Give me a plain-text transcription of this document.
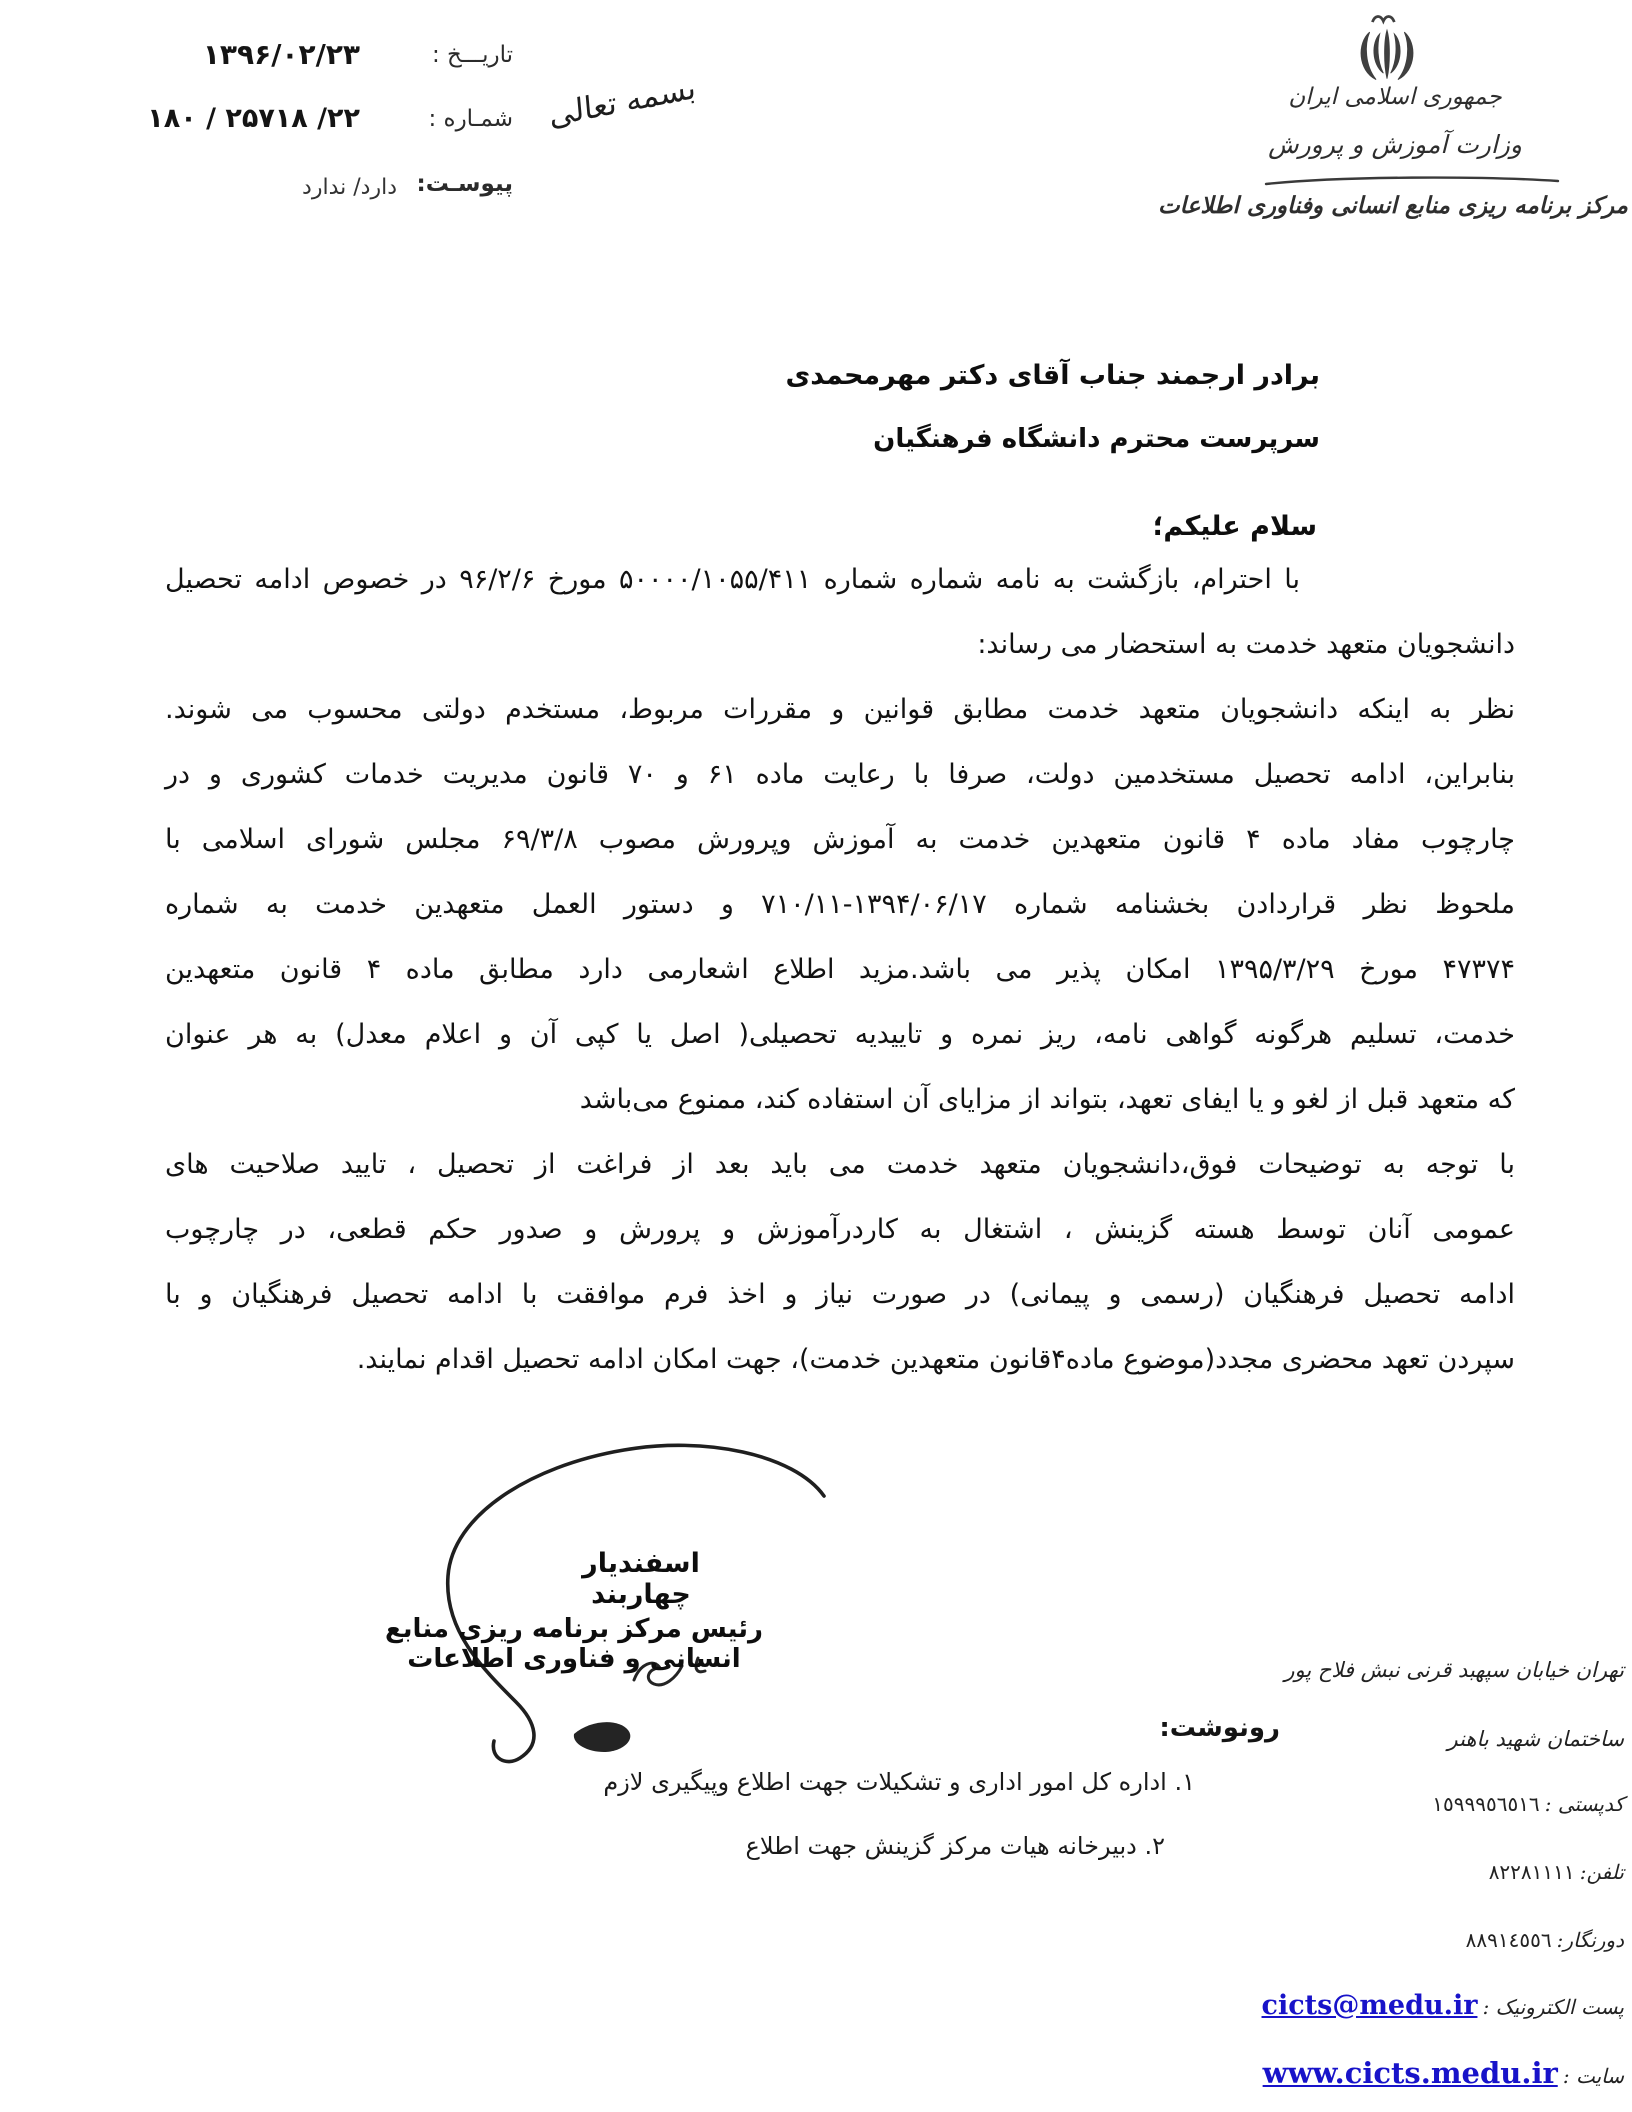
تاریـــخ :
۱۳۹۶/۰۲/۲۳
شمـاره :
۲۲/ ۲۵۷۱۸ / ۱۸۰
پیوسـت:
دارد/ ندارد
بسمه تعالی	جمهوری اسلامی ایران
وزارت آموزش و پرورش
مرکز برنامه ریزی منابع انسانی وفناوری اطلاعات
برادر ارجمند جناب آقای دکتر مهرمحمدی
سرپرست محترم دانشگاه فرهنگیان
سلام علیکم؛
با احترام، بازگشت به نامه شماره شماره ۵۰۰۰۰/۱۰۵۵/۴۱۱ مورخ ۹۶/۲/۶ در خصوص ادامه تحصیل
دانشجویان متعهد خدمت به استحضار می رساند:
نظر به اینکه دانشجویان متعهد خدمت مطابق قوانین و مقررات مربوط، مستخدم دولتی محسوب می شوند.
بنابراین، ادامه تحصیل مستخدمین دولت، صرفا با رعایت ماده ۶۱ و ۷۰ قانون مدیریت خدمات کشوری و در
چارچوب مفاد ماده ۴ قانون متعهدین خدمت به آموزش وپرورش مصوب ۶۹/۳/۸ مجلس شورای اسلامی با
ملحوظ نظر قراردادن بخشنامه شماره ۱۳۹۴/۰۶/۱۷-۷۱۰/۱۱ و دستور العمل متعهدین خدمت به شماره
۴۷۳۷۴ مورخ ۱۳۹۵/۳/۲۹ امکان پذیر می باشد.مزید اطلاع اشعارمی دارد مطابق ماده ۴ قانون متعهدین
خدمت، تسلیم هرگونه گواهی نامه، ریز نمره و تاییدیه تحصیلی( اصل یا کپی آن و اعلام معدل) به هر عنوان
که متعهد قبل از لغو و یا ایفای تعهد، بتواند از مزایای آن استفاده کند، ممنوع می‌باشد
با توجه به توضیحات فوق،دانشجویان متعهد خدمت می باید بعد از فراغت از تحصیل ، تایید صلاحیت های
عمومی آنان توسط هسته گزینش ، اشتغال به کاردرآموزش و پرورش و صدور حکم قطعی، در چارچوب
ادامه تحصیل فرهنگیان (رسمی و پیمانی) در صورت نیاز و اخذ فرم موافقت با ادامه تحصیل فرهنگیان و با
سپردن تعهد محضری مجدد(موضوع ماده۴قانون متعهدین خدمت)، جهت امکان ادامه تحصیل اقدام نمایند.
اسفندیار چهاربند
رئیس مرکز برنامه ریزی منابع انسانی و فناوری اطلاعات
رونوشت:
۱. اداره کل امور اداری و تشکیلات جهت اطلاع وپیگیری لازم
۲. دبیرخانه هیات مرکز گزینش جهت اطلاع
تهران خیابان سپهبد قرنی نبش فلاح پور
ساختمان شهید باهنر
کدپستی : ١٥٩٩٩٥٦٥١٦
تلفن: ٨٢٢٨١١١١
دورنگار: ٨٨٩١٤٥٥٦
پست الکترونیک : cicts@medu.ir
سایت : www.cicts.medu.ir
